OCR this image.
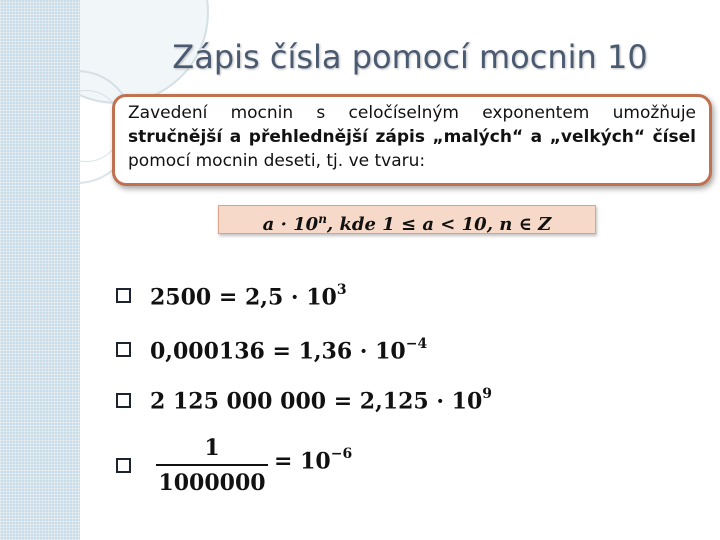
Zápis čísla pomocí mocnin 10
Zavedení mocnin s celočíselným exponentem umožňuje stručnější a přehlednější zápis „malých“ a „velkých“ čísel pomocí mocnin deseti, tj. ve tvaru:
$a \cdot 10^n$, kde 1 ≤ a < 10, n ∈ Z
$2500 = 2,5 \cdot 10^3$
$0,000136 = 1,36 \cdot 10^{-4}$
2 125 000 $000 = 2,125 \cdot 10^9$
1
1000000
= $10^{-6}$
